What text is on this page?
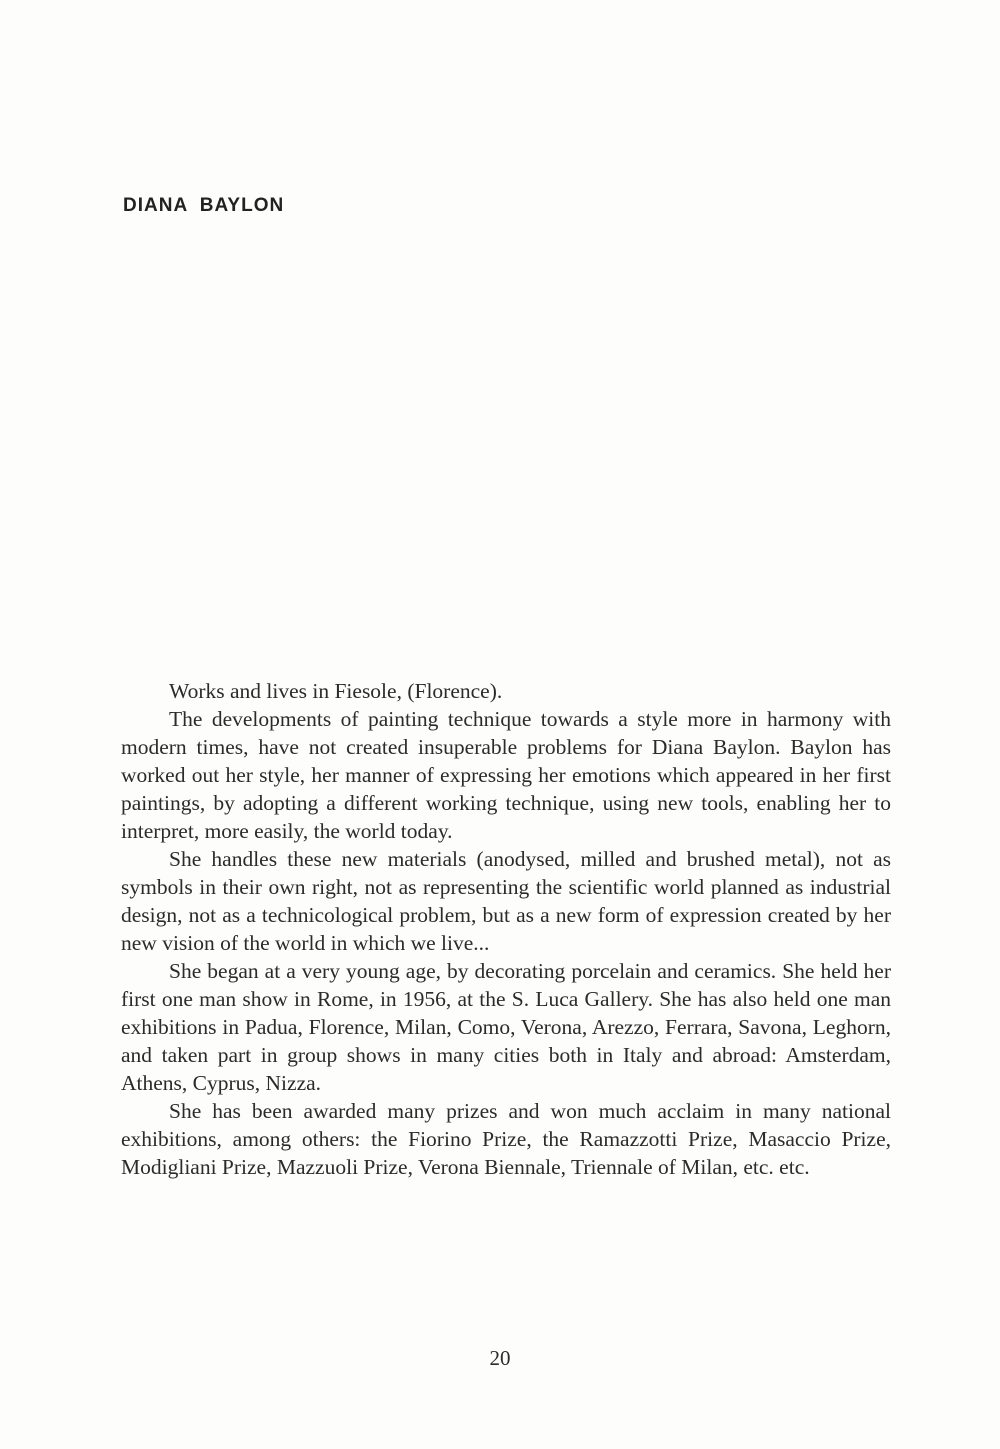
DIANA BAYLON

Works and lives in Fiesole, (Florence).

The developments of painting technique towards a style more in harmony with modern times, have not created insuperable problems for Diana Baylon. Baylon has worked out her style, her manner of expressing her emotions which appeared in her first paintings, by adopting a different working technique, using new tools, enabling her to interpret, more easily, the world today.

She handles these new materials (anodysed, milled and brushed metal), not as symbols in their own right, not as representing the scientific world planned as industrial design, not as a technicological problem, but as a new form of expression created by her new vision of the world in which we live...

She began at a very young age, by decorating porcelain and ceramics. She held her first one man show in Rome, in 1956, at the S. Luca Gallery. She has also held one man exhibitions in Padua, Florence, Milan, Como, Verona, Arezzo, Ferrara, Savona, Leghorn, and taken part in group shows in many cities both in Italy and abroad: Amsterdam, Athens, Cyprus, Nizza.

She has been awarded many prizes and won much acclaim in many national exhibitions, among others: the Fiorino Prize, the Ramazzotti Prize, Masaccio Prize, Modigliani Prize, Mazzuoli Prize, Verona Biennale, Triennale of Milan, etc. etc.

20
